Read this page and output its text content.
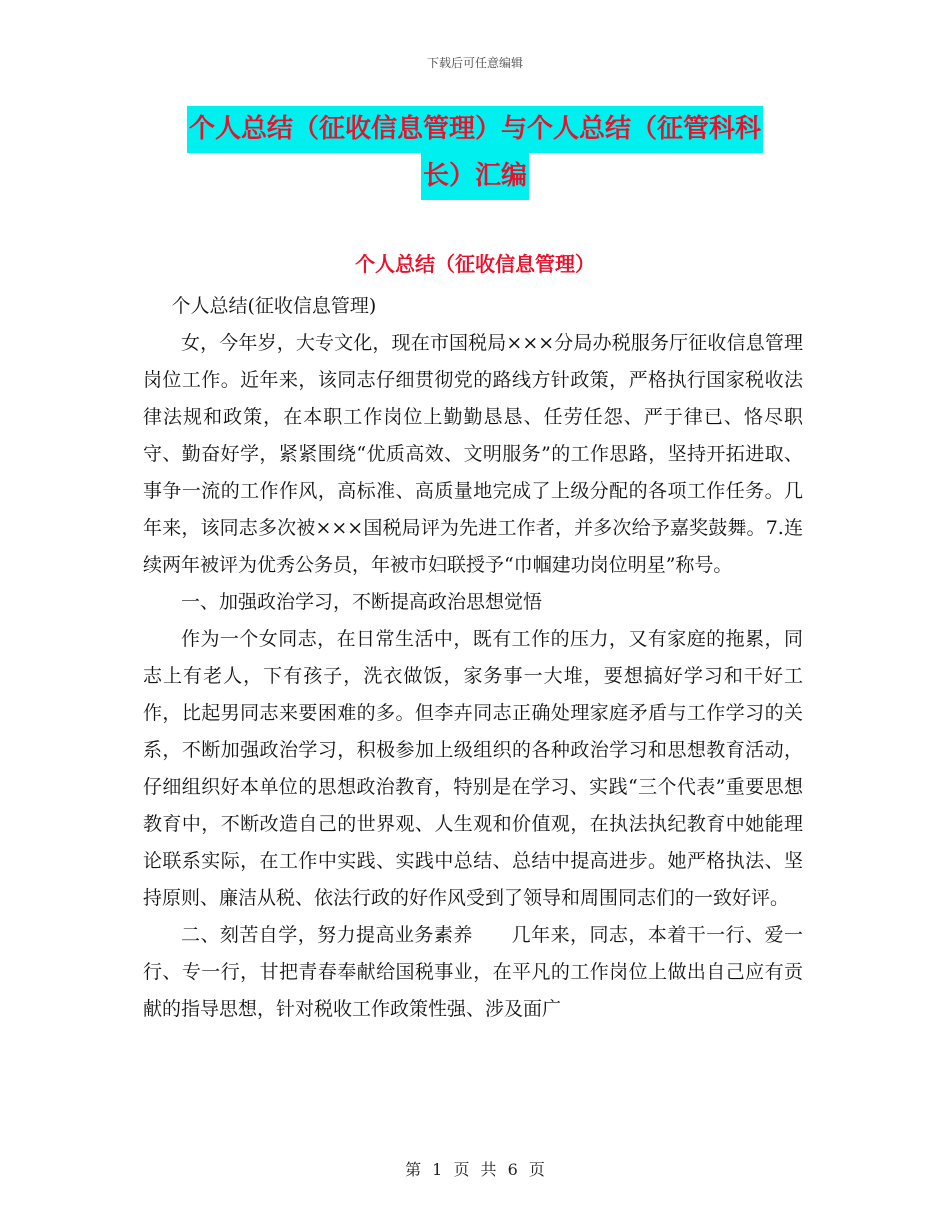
下载后可任意编辑
个人总结（征收信息管理）与个人总结（征管科科
长）汇编
个人总结（征收信息管理）

个人总结(征收信息管理)

女，今年岁，大专文化，现在市国税局×××分局办税服务厅征收信息管理岗位工作。近年来，该同志仔细贯彻党的路线方针政策，严格执行国家税收法律法规和政策，在本职工作岗位上勤勤恳恳、任劳任怨、严于律已、恪尽职守、勤奋好学，紧紧围绕“优质高效、文明服务”的工作思路，坚持开拓进取、事争一流的工作作风，高标准、高质量地完成了上级分配的各项工作任务。几年来，该同志多次被×××国税局评为先进工作者，并多次给予嘉奖鼓舞。7.连续两年被评为优秀公务员，年被市妇联授予“巾帼建功岗位明星”称号。

一、加强政治学习，不断提高政治思想觉悟

作为一个女同志，在日常生活中，既有工作的压力，又有家庭的拖累，同志上有老人，下有孩子，洗衣做饭，家务事一大堆，要想搞好学习和干好工作，比起男同志来要困难的多。但李卉同志正确处理家庭矛盾与工作学习的关系，不断加强政治学习，积极参加上级组织的各种政治学习和思想教育活动，仔细组织好本单位的思想政治教育，特别是在学习、实践“三个代表”重要思想教育中，不断改造自己的世界观、人生观和价值观，在执法执纪教育中她能理论联系实际，在工作中实践、实践中总结、总结中提高进步。她严格执法、坚持原则、廉洁从税、依法行政的好作风受到了领导和周围同志们的一致好评。

二、刻苦自学，努力提高业务素养　　几年来，同志，本着干一行、爱一行、专一行，甘把青春奉献给国税事业，在平凡的工作岗位上做出自己应有贡献的指导思想，针对税收工作政策性强、涉及面广

第 1 页 共 6 页
